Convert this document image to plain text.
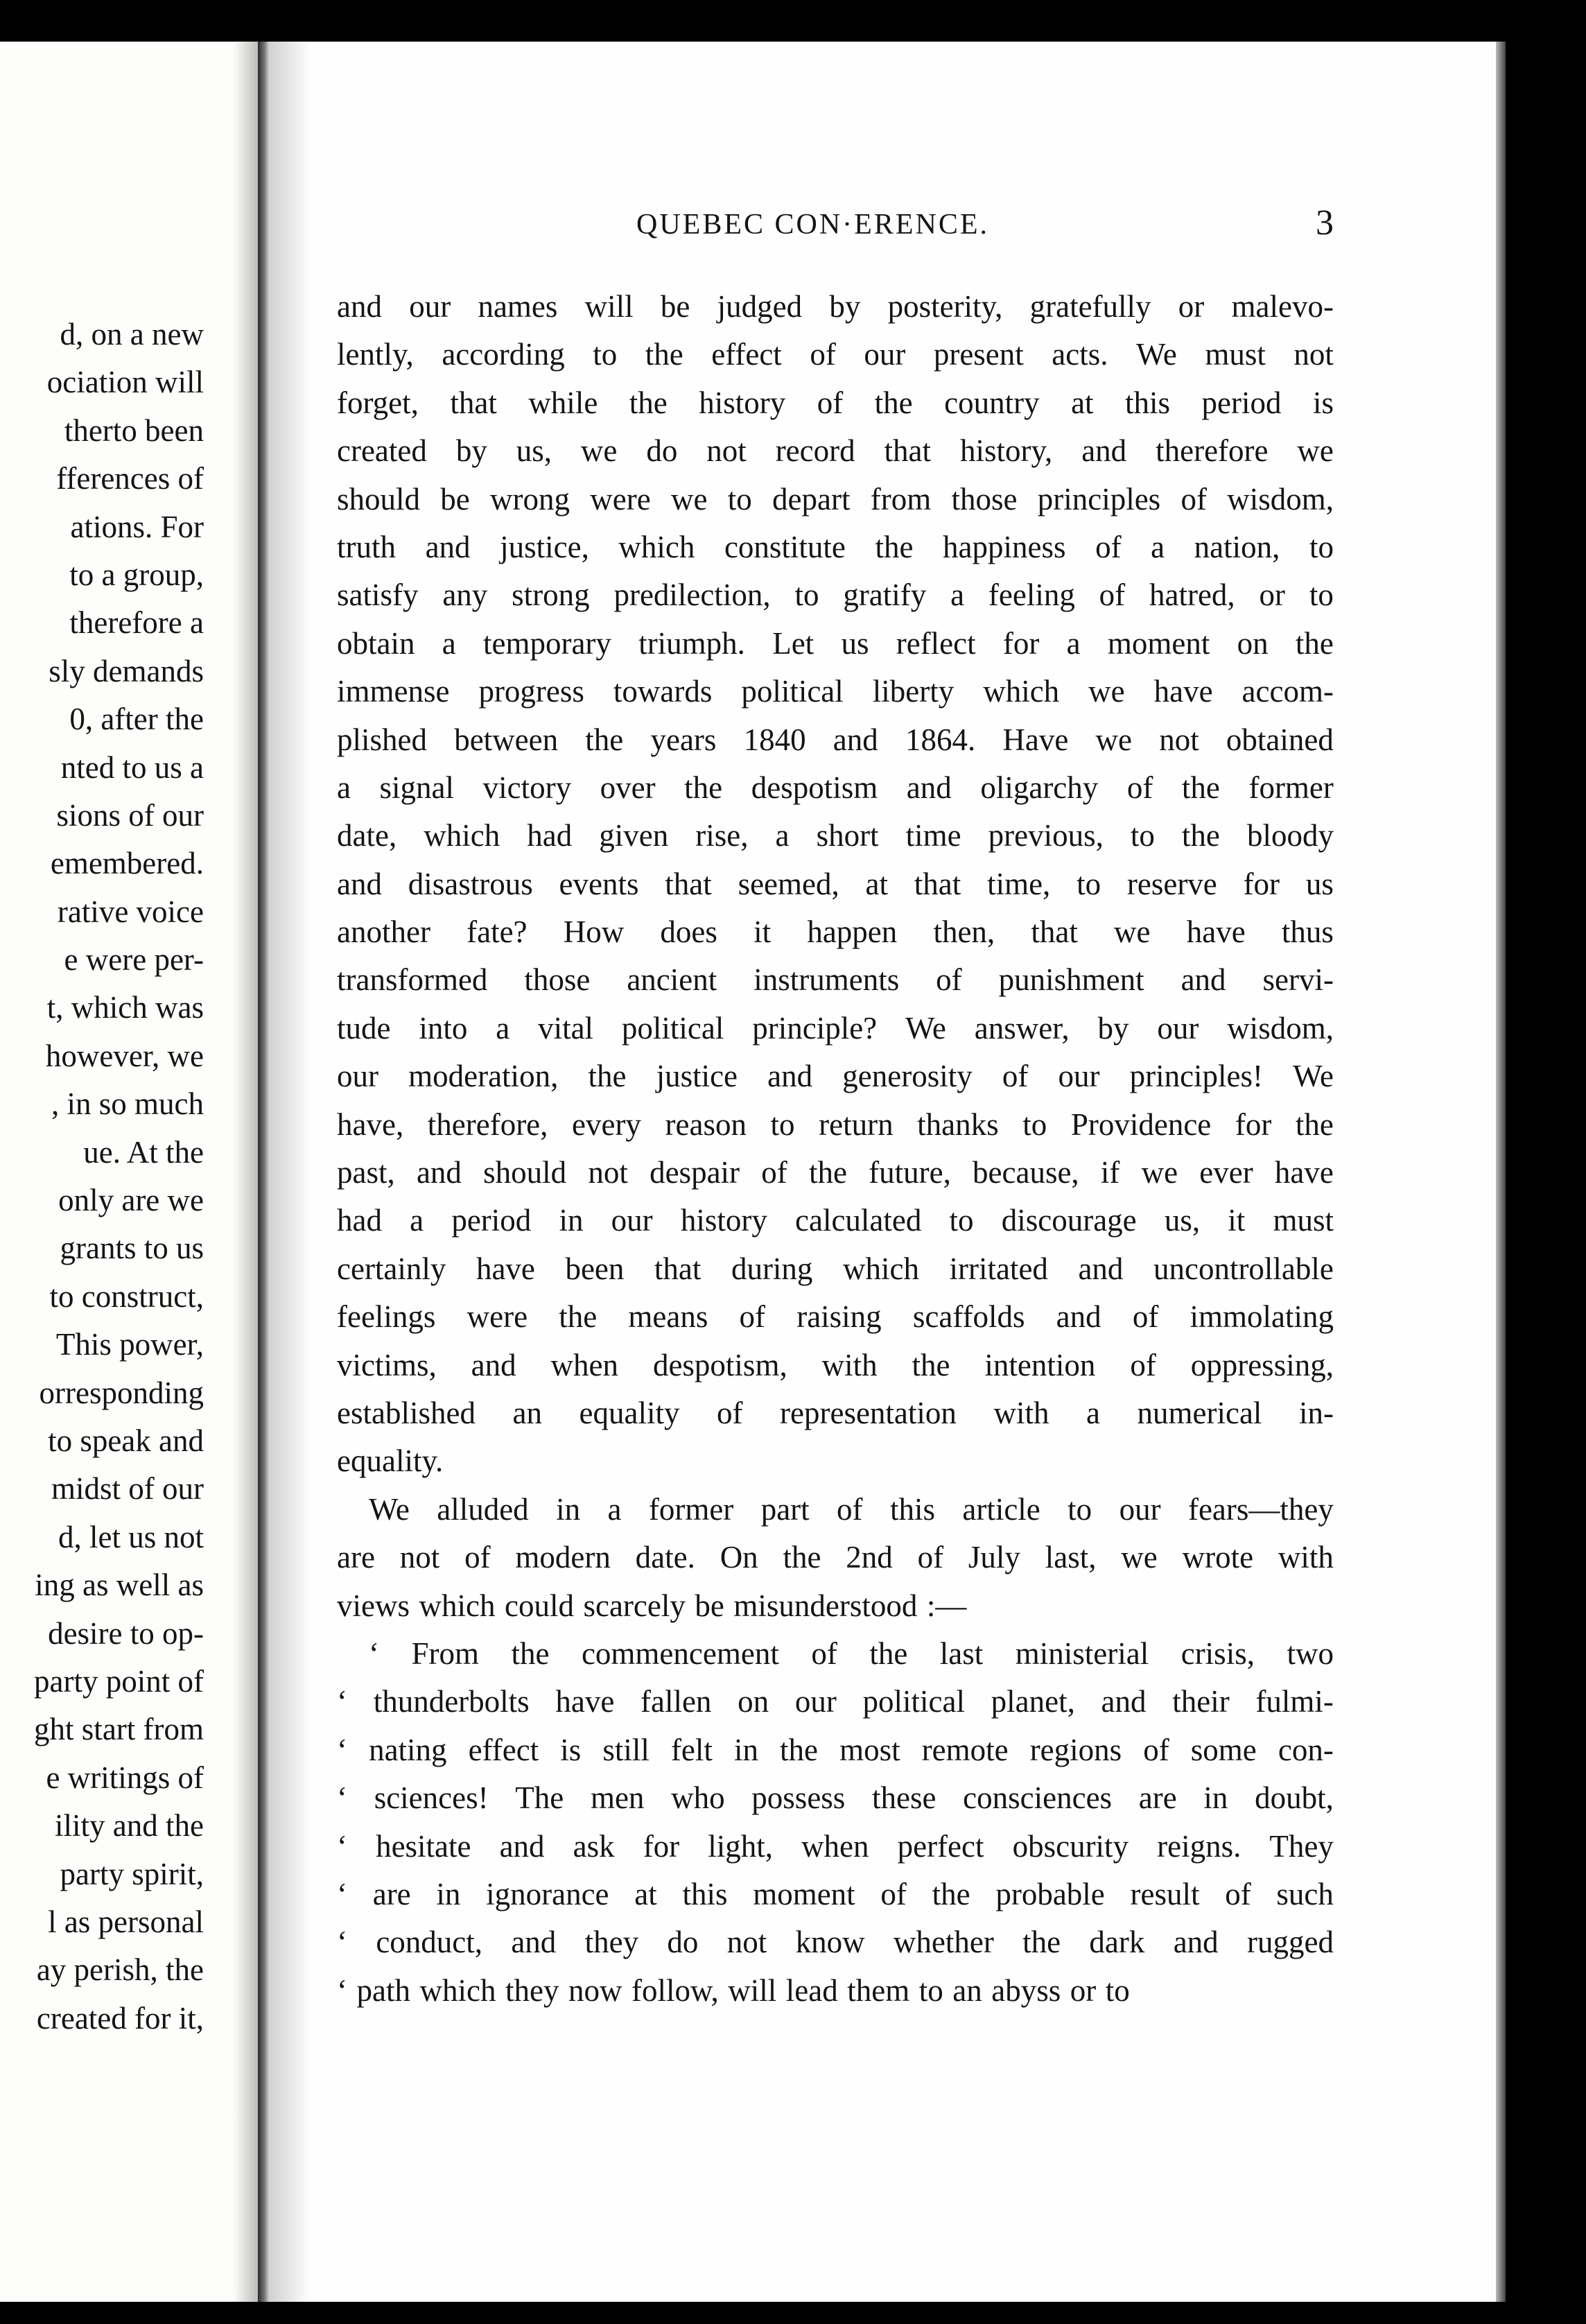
d, on a new
ociation will
therto been
fferences of
ations. For
to a group,
therefore a
sly demands
0, after the
nted to us a
sions of our
emembered.
rative voice
e were per-
t, which was
however, we
, in so much
ue. At the
only are we
grants to us
to construct,
This power,
orresponding
to speak and
midst of our
d, let us not
ing as well as
desire to op-
party point of
ght start from
e writings of
ility and the
party spirit,
l as personal
ay perish, the
created for it,
QUEBEC CON·ERENCE.	3
and our names will be judged by posterity, gratefully or malevo-
lently, according to the effect of our present acts. We must not
forget, that while the history of the country at this period is
created by us, we do not record that history, and therefore we
should be wrong were we to depart from those principles of wisdom,
truth and justice, which constitute the happiness of a nation, to
satisfy any strong predilection, to gratify a feeling of hatred, or to
obtain a temporary triumph. Let us reflect for a moment on the
immense progress towards political liberty which we have accom-
plished between the years 1840 and 1864. Have we not obtained
a signal victory over the despotism and oligarchy of the former
date, which had given rise, a short time previous, to the bloody
and disastrous events that seemed, at that time, to reserve for us
another fate? How does it happen then, that we have thus
transformed those ancient instruments of punishment and servi-
tude into a vital political principle? We answer, by our wisdom,
our moderation, the justice and generosity of our principles! We
have, therefore, every reason to return thanks to Providence for the
past, and should not despair of the future, because, if we ever have
had a period in our history calculated to discourage us, it must
certainly have been that during which irritated and uncontrollable
feelings were the means of raising scaffolds and of immolating
victims, and when despotism, with the intention of oppressing,
established an equality of representation with a numerical in-
equality.
We alluded in a former part of this article to our fears—they
are not of modern date. On the 2nd of July last, we wrote with
views which could scarcely be misunderstood :—
‘ From the commencement of the last ministerial crisis, two
‘ thunderbolts have fallen on our political planet, and their fulmi-
‘ nating effect is still felt in the most remote regions of some con-
‘ sciences! The men who possess these consciences are in doubt,
‘ hesitate and ask for light, when perfect obscurity reigns. They
‘ are in ignorance at this moment of the probable result of such
‘ conduct, and they do not know whether the dark and rugged
‘ path which they now follow, will lead them to an abyss or to
